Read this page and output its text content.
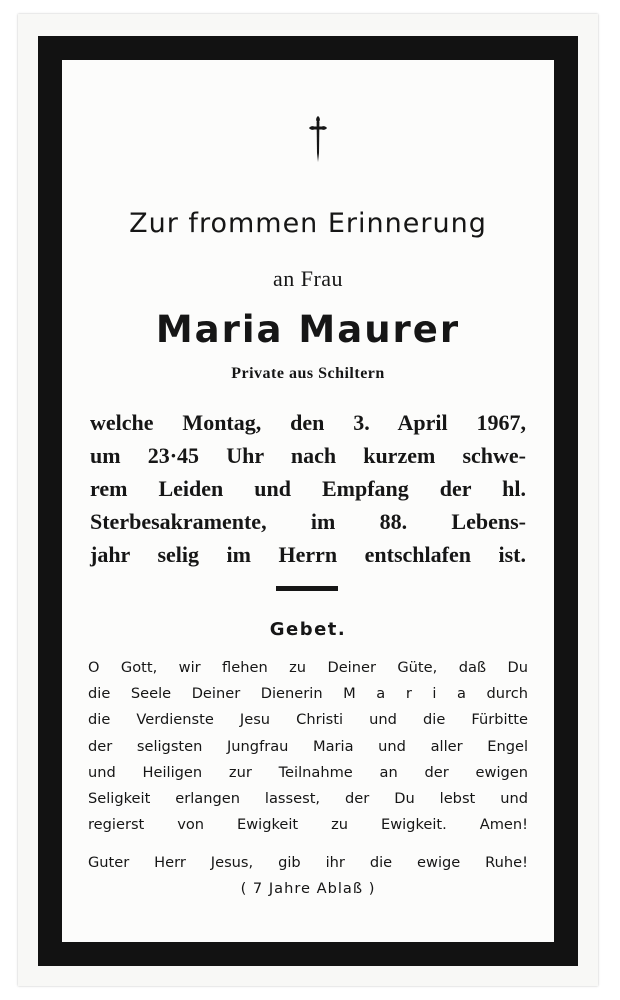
Zur frommen Erinnerung
an Frau
Maria Maurer
Private aus Schiltern
welche Montag, den 3. April 1967,
um 23·45 Uhr nach kurzem schwe-
rem Leiden und Empfang der hl.
Sterbesakramente, im 88. Lebens-
jahr selig im Herrn entschlafen ist.
Gebet.
O Gott, wir flehen zu Deiner Güte, daß Du
die Seele Deiner Dienerin M a r i a durch
die Verdienste Jesu Christi und die Fürbitte
der seligsten Jungfrau Maria und aller Engel
und Heiligen zur Teilnahme an der ewigen
Seligkeit erlangen lassest, der Du lebst und
regierst von Ewigkeit zu Ewigkeit. Amen!
Guter Herr Jesus, gib ihr die ewige Ruhe!
( 7 Jahre Ablaß )
